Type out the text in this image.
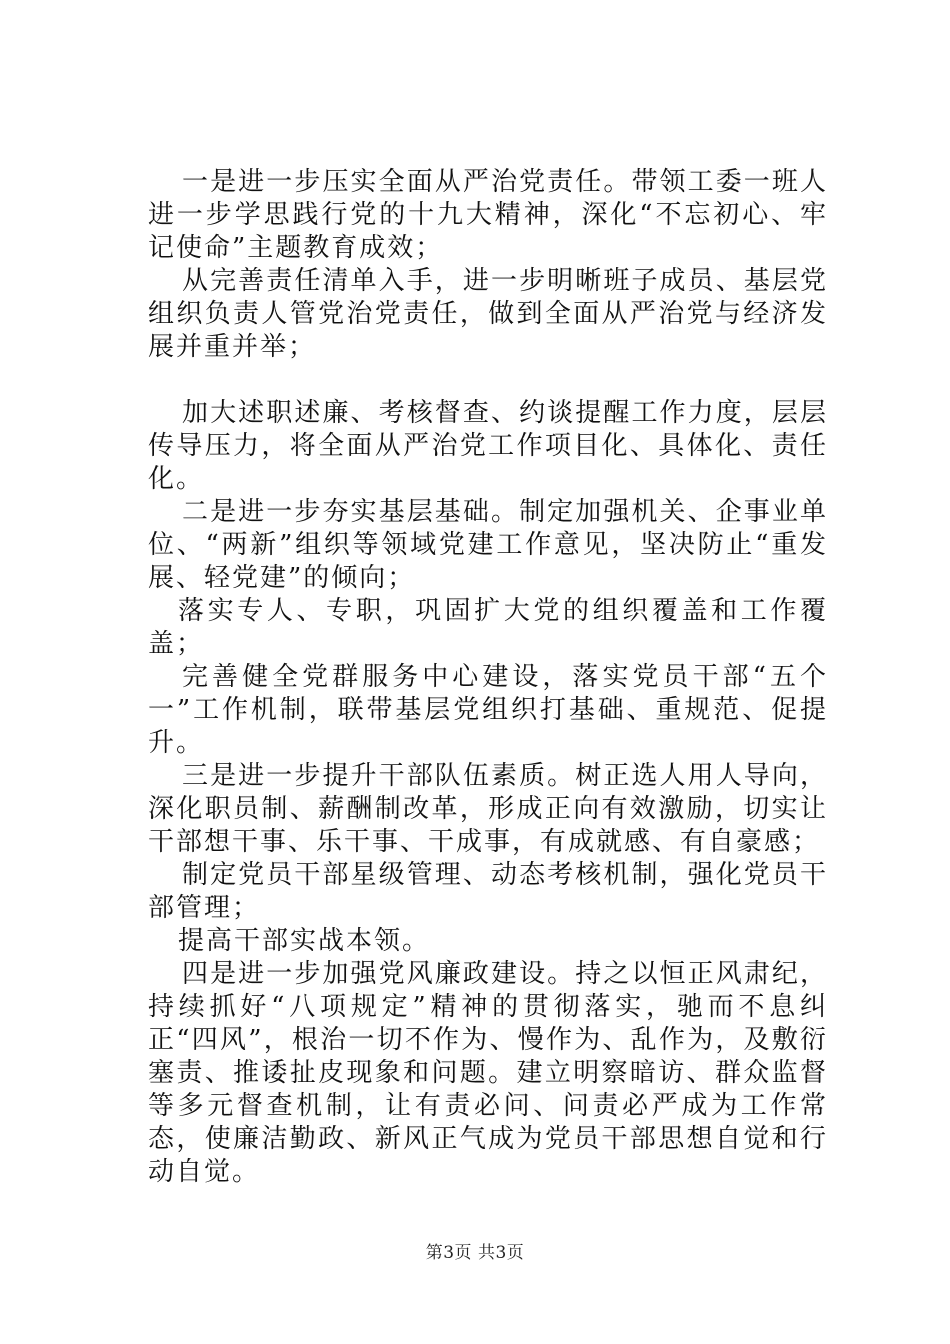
一是进一步压实全面从严治党责任。带领工委一班人进一步学思践行党的十九大精神，深化“不忘初心、牢记使命”主题教育成效；

从完善责任清单入手，进一步明晰班子成员、基层党组织负责人管党治党责任，做到全面从严治党与经济发展并重并举；

加大述职述廉、考核督查、约谈提醒工作力度，层层传导压力，将全面从严治党工作项目化、具体化、责任化。

二是进一步夯实基层基础。制定加强机关、企事业单位、“两新”组织等领域党建工作意见，坚决防止“重发展、轻党建”的倾向；

落实专人、专职，巩固扩大党的组织覆盖和工作覆盖；

完善健全党群服务中心建设，落实党员干部“五个一”工作机制，联带基层党组织打基础、重规范、促提升。

三是进一步提升干部队伍素质。树正选人用人导向，深化职员制、薪酬制改革，形成正向有效激励，切实让干部想干事、乐干事、干成事，有成就感、有自豪感；

制定党员干部星级管理、动态考核机制，强化党员干部管理；

提高干部实战本领。

四是进一步加强党风廉政建设。持之以恒正风肃纪，持续抓好“八项规定”精神的贯彻落实，驰而不息纠正“四风”，根治一切不作为、慢作为、乱作为，及敷衍塞责、推诿扯皮现象和问题。建立明察暗访、群众监督等多元督查机制，让有责必问、问责必严成为工作常态，使廉洁勤政、新风正气成为党员干部思想自觉和行动自觉。

第3页 共3页
